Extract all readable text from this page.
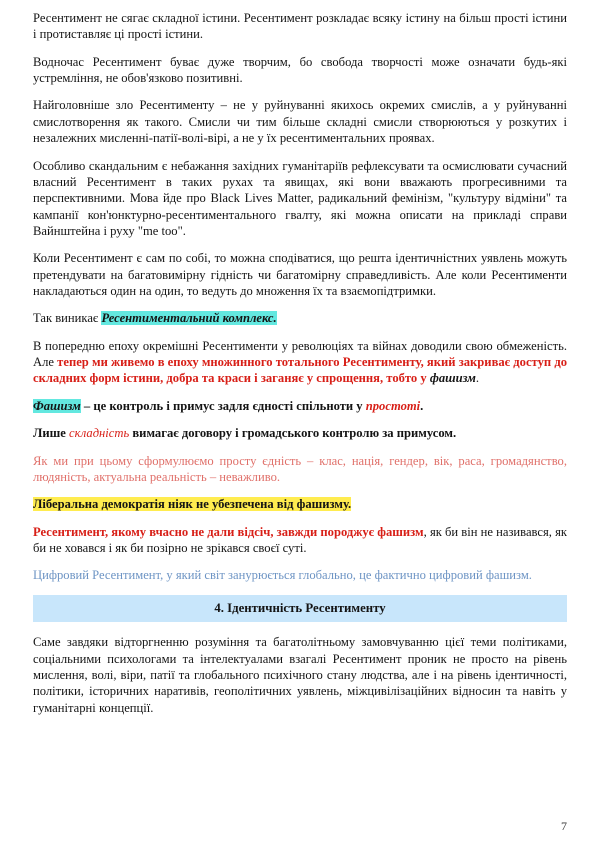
Ресентимент не сягає складної істини. Ресентимент розкладає всяку істину на більш прості істини і протиставляє ці прості істини.

Водночас Ресентимент буває дуже творчим, бо свобода творчості може означати будь-які устремління, не обов'язково позитивні.

Найголовніше зло Ресентименту – не у руйнуванні якихось окремих смислів, а у руйнуванні смислотворення як такого. Смисли чи тим більше складні смисли створюються у розкутих і незалежних мисленні-патії-волі-вірі, а не у їх ресентиментальних проявах.

Особливо скандальним є небажання західних гуманітаріїв рефлексувати та осмислювати сучасний власний Ресентимент в таких рухах та явищах, які вони вважають прогресивними та перспективними. Мова йде про Black Lives Matter, радикальний фемінізм, "культуру відміни" та кампанії кон'юнктурно-ресентиментального гвалту, які можна описати на прикладі справи Вайнштейна і руху "me too".

Коли Ресентимент є сам по собі, то можна сподіватися, що решта ідентичністних уявлень можуть претендувати на багатовимірну гідність чи багатомірну справедливість. Але коли Ресентименти накладаються один на один, то ведуть до множення їх та взаємопідтримки.

Так виникає Ресентиментальний комплекс.

В попередню епоху окремішні Ресентименти у революціях та війнах доводили свою обмеженість. Але тепер ми живемо в епоху множинного тотального Ресентименту, який закриває доступ до складних форм істини, добра та краси і заганяє у спрощення, тобто у фашизм.

Фашизм – це контроль і примус задля єдності спільноти у простоті.

Лише складність вимагає договору і громадського контролю за примусом.

Як ми при цьому сформулюємо просту єдність – клас, нація, гендер, вік, раса, громадянство, людяність, актуальна реальність – неважливо.

Ліберальна демократія ніяк не убезпечена від фашизму.

Ресентимент, якому вчасно не дали відсіч, завжди породжує фашизм, як би він не називався, як би не ховався і як би позірно не зрікався своєї суті.

Цифровий Ресентимент, у який світ занурюється глобально, це фактично цифровий фашизм.

4. Ідентичність Ресентименту

Саме завдяки відторгненню розуміння та багатолітньому замовчуванню цієї теми політиками, соціальними психологами та інтелектуалами взагалі Ресентимент проник не просто на рівень мислення, волі, віри, патії та глобального психічного стану людства, але і на рівень ідентичності, політики, історичних наративів, геополітичних уявлень, міжцивілізаційних відносин та навіть у гуманітарні концепції.

7
